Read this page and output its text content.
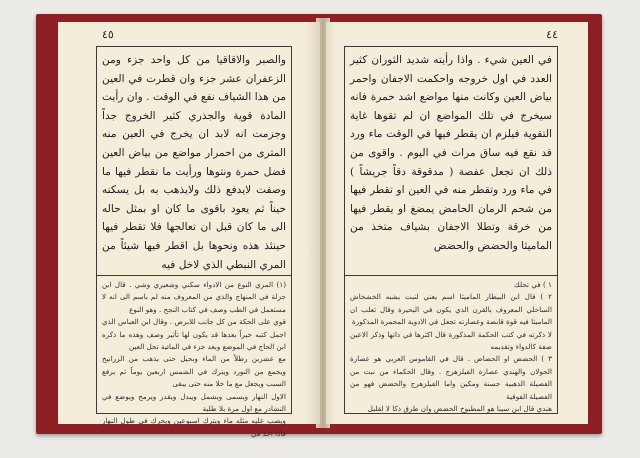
٤٥
والصبر والاقاقيا من كل واحد جزء ومن الزعفران عشر جزء وان قطرت في العين من هذا الشياف نفع في الوقت . وان رأيت المادة قوية والجذري كثير الخروج جداً وجزمت انه لابد ان يخرج في العين منه المترى من احمرار مواضع من بياض العين فضل حمرة ونتوها ورأيت ما نقطر فيها ما وصفت لايدفع ذلك ولايذهب به بل يسكنه حيناً ثم يعود باقوى ما كان او بمثل حاله الى ما كان قبل ان تعالجها فلا تقطر فيها حينئذ هذه ونحوها بل اقطر فيها شيئاً من المري النبطي الذي لاخل فيه
(١) المري النوع من الادواء سكني وشعيري وشي . قال ابن جزلة في المنهاج والذي من المعروف منه لم باسم الى انه لا مستعمل في الطب وصف في كتاب النجح . وهو النوع
قوي على الحكة من كل جانب للابرص . وقال ابن العباس الذي اجمل كتبه خيراً بعدها قد يكون لها تأثير وصف وهذه ما ذكره ابن الحاج في الموضع وبعد جزء في المائية تحل العين
مع عشرين رطلاً من الماء وبحيل حتى يذهب من الزرانيخ ويجمع من النورد ويترك في الشمس اربعين يوماً ثم يرفع السبب ويجعل مع ما خلا منه حتى يبقى
الاول النهار ويسمى ويشمل ويبدل ويقدر ويرمح ويوضع في النشادر مع اول مرة بلا طلبة
ويصب عليه مثله ماء ويترك اسبوعين ويحرك في طول النهار فاذا اخذ في
٤٤
في العين شيء . واذا رأيته شديد الثوران كثير العدد في اول خروجه واحكمت الاجفان واحمر بياض العين وكانت منها مواضع اشد حمرة فانه سيخرج في تلك المواضع ان لم تقوها غاية التقوية فيلزم ان يقطر فيها في الوقت ماء ورد قد نقع فيه ساق مرات في اليوم . واقوى من ذلك ان تجعل عفصة ( مدقوقة دقاً جريشاً ) في ماء ورد وتقطر منه في العين او تقطر فيها من شحم الرمان الحامض يمضغ او يقطر فيها من خرقة وتطلا الاجفان بشياف متخذ من الماميثا والحضض والحضض
١ ) في تحلك
٢ ) قال ابن البيطار الماميثا اسم يعني لنبت يشبه الخشخاش الساحلي المعروف بالقرن الذي يكون في البحيرة وقال ثعلب ان الماميثا فيه قوة قابضة وعصارته تجعل في الادوية المحمرة المذكورة
لا ذكرته في كتب الحكمة المذكورة قال اكثرها في ذاتها وذكر الاعين صفة كالدواء وتقديمه
٣ ) الحضض او الحضاض . قال في القاموس العربي هو عصارة الحولان والهندي عصارة الفيلزهرج . وقال الحكماء من نبت من الفصيلة الذهبية حسنة ومكين واما الفيلزهرج والحضض فهو من الفصيلة الفوقية
هندي قال ابن سينا هو المطبوخ الحضض وان طرق ذكا لا لقليل
